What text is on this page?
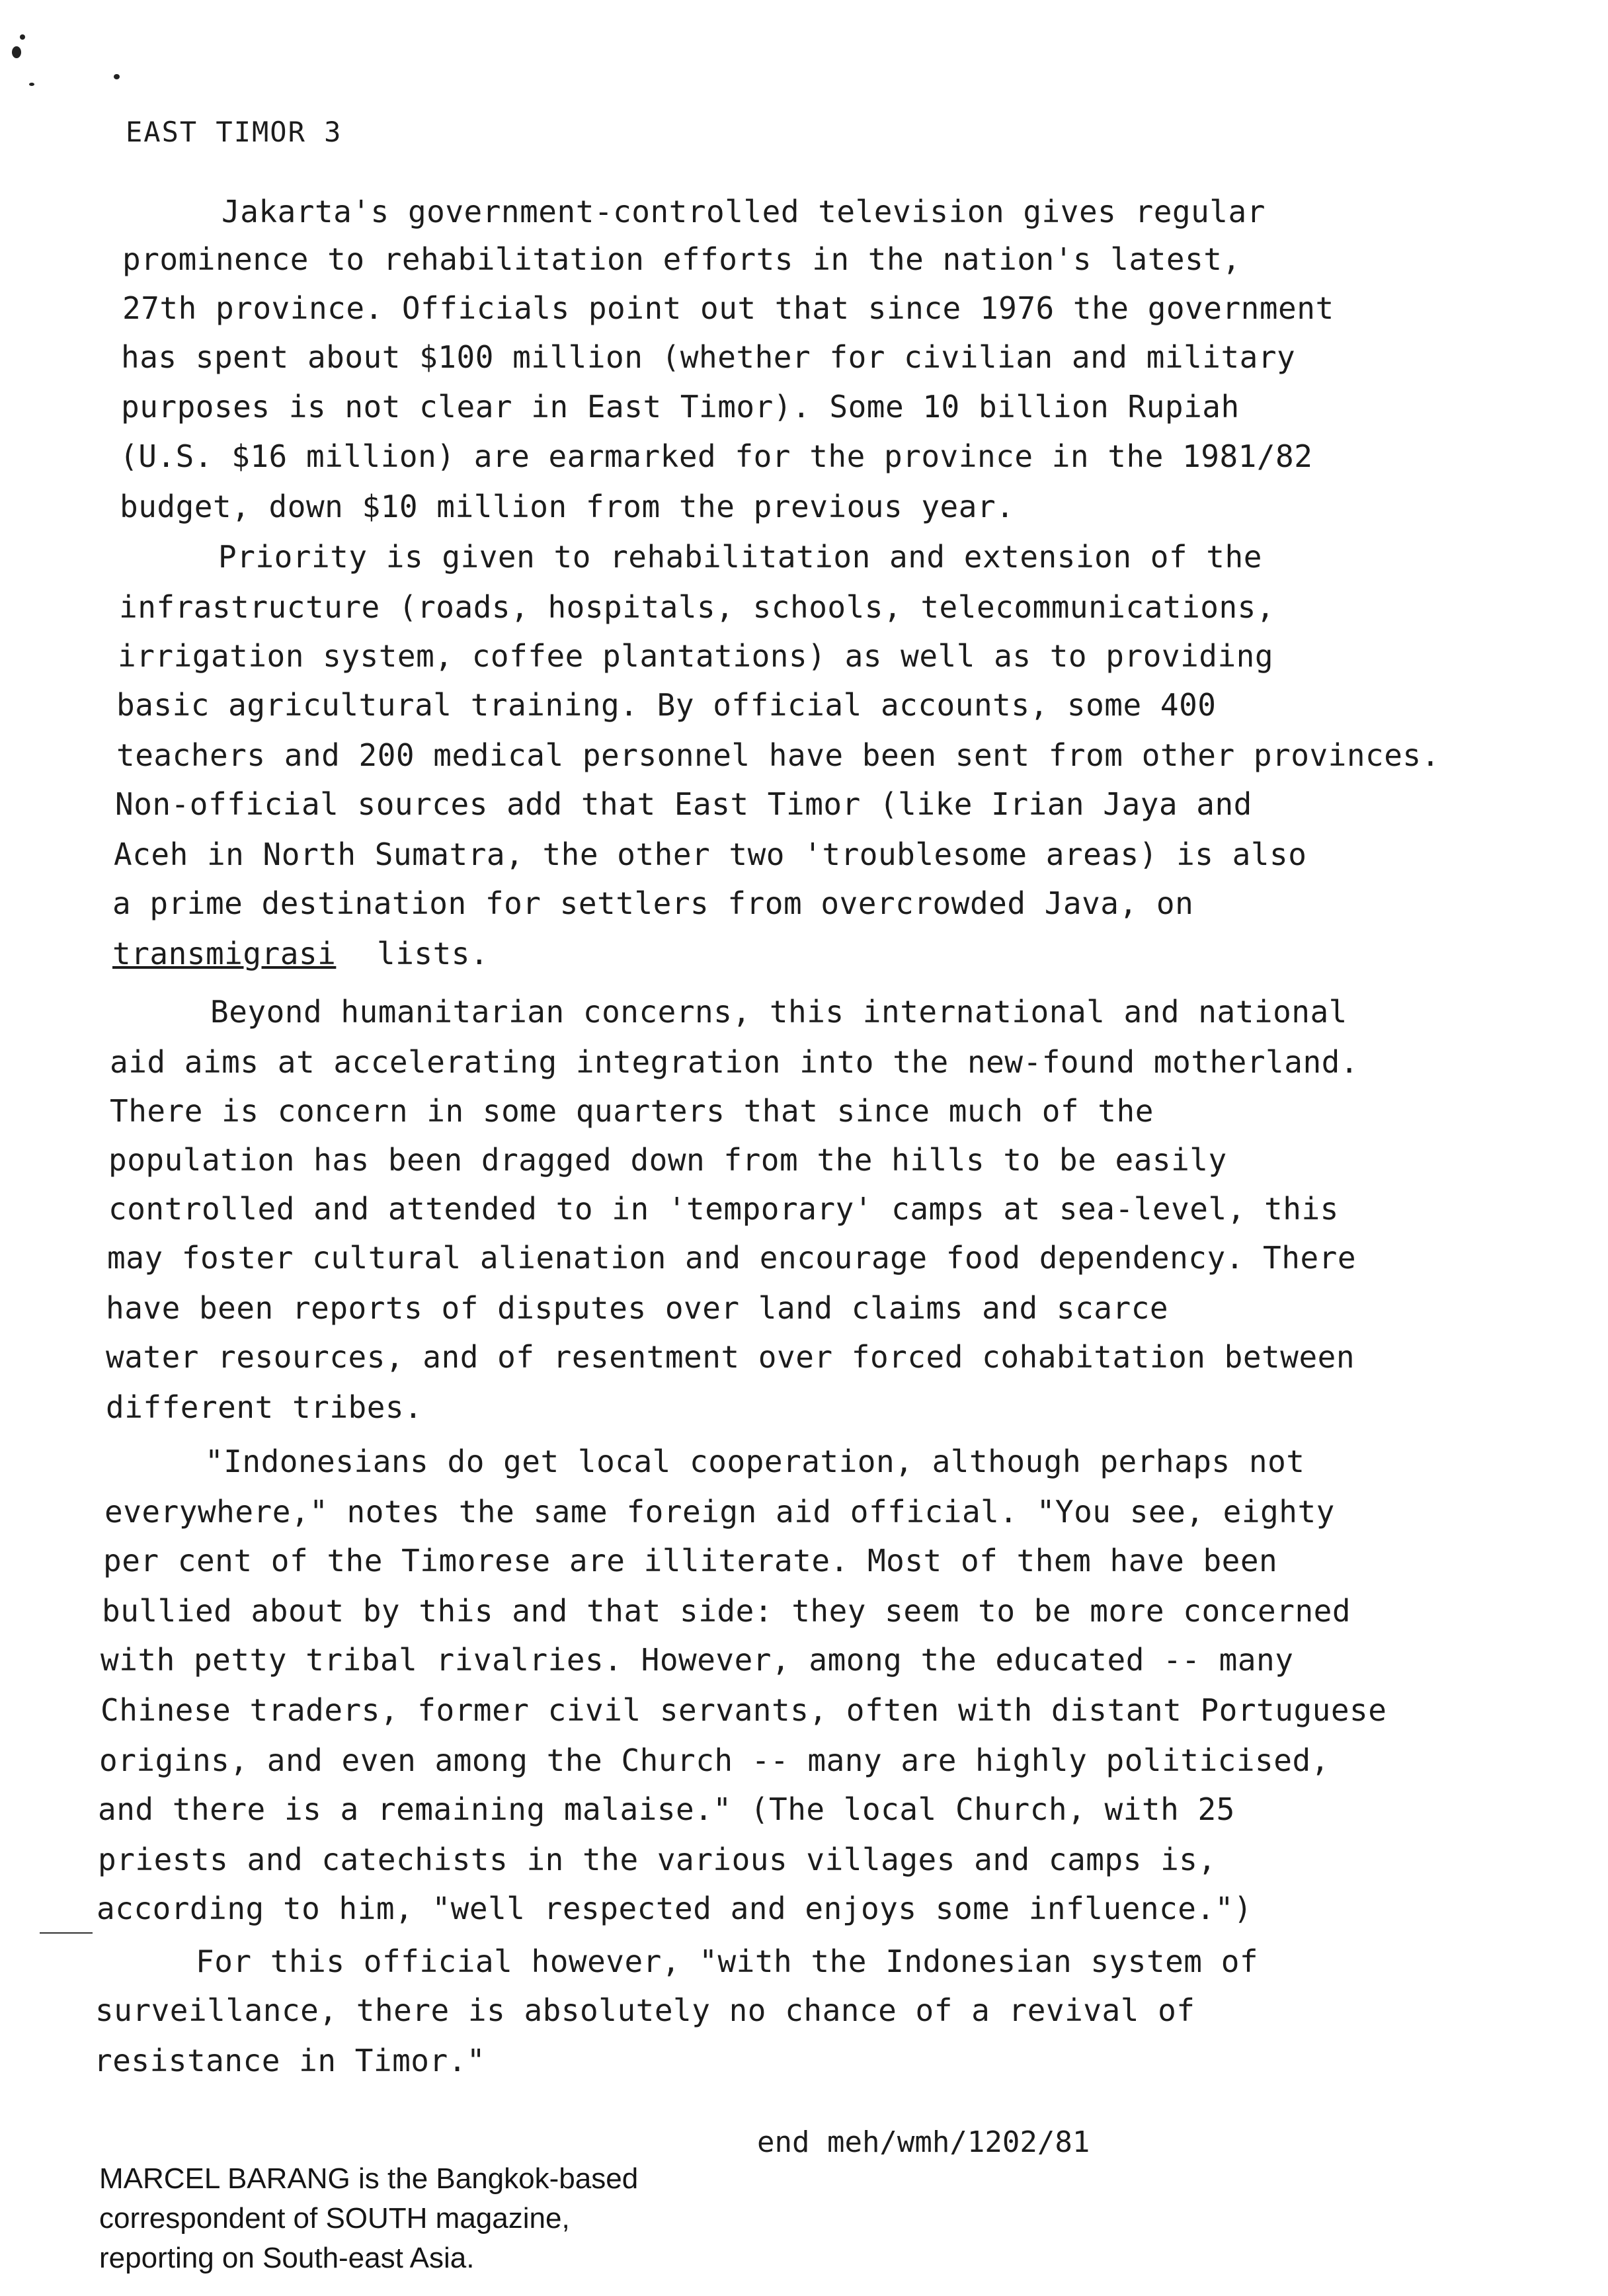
EAST TIMOR 3
Jakarta's government-controlled television gives regular
prominence to rehabilitation efforts in the nation's latest,
27th province. Officials point out that since 1976 the government
has spent about $100 million (whether for civilian and military
purposes is not clear in East Timor). Some 10 billion Rupiah
(U.S. $16 million) are earmarked for the province in the 1981/82
budget, down $10 million from the previous year.
Priority is given to rehabilitation and extension of the
infrastructure (roads, hospitals, schools, telecommunications,
irrigation system, coffee plantations) as well as to providing
basic agricultural training. By official accounts, some 400
teachers and 200 medical personnel have been sent from other provinces.
Non-official sources add that East Timor (like Irian Jaya and
Aceh in North Sumatra, the other two 'troublesome areas) is also
a prime destination for settlers from overcrowded Java, on
transmigrasi lists.
Beyond humanitarian concerns, this international and national
aid aims at accelerating integration into the new-found motherland.
There is concern in some quarters that since much of the
population has been dragged down from the hills to be easily
controlled and attended to in 'temporary' camps at sea-level, this
may foster cultural alienation and encourage food dependency. There
have been reports of disputes over land claims and scarce
water resources, and of resentment over forced cohabitation between
different tribes.
"Indonesians do get local cooperation, although perhaps not
everywhere," notes the same foreign aid official. "You see, eighty
per cent of the Timorese are illiterate. Most of them have been
bullied about by this and that side: they seem to be more concerned
with petty tribal rivalries. However, among the educated -- many
Chinese traders, former civil servants, often with distant Portuguese
origins, and even among the Church -- many are highly politicised,
and there is a remaining malaise." (The local Church, with 25
priests and catechists in the various villages and camps is,
according to him, "well respected and enjoys some influence.")
For this official however, "with the Indonesian system of
surveillance, there is absolutely no chance of a revival of
resistance in Timor."
end meh/wmh/1202/81
MARCEL BARANG is the Bangkok-based
correspondent of SOUTH magazine,
reporting on South-east Asia.
